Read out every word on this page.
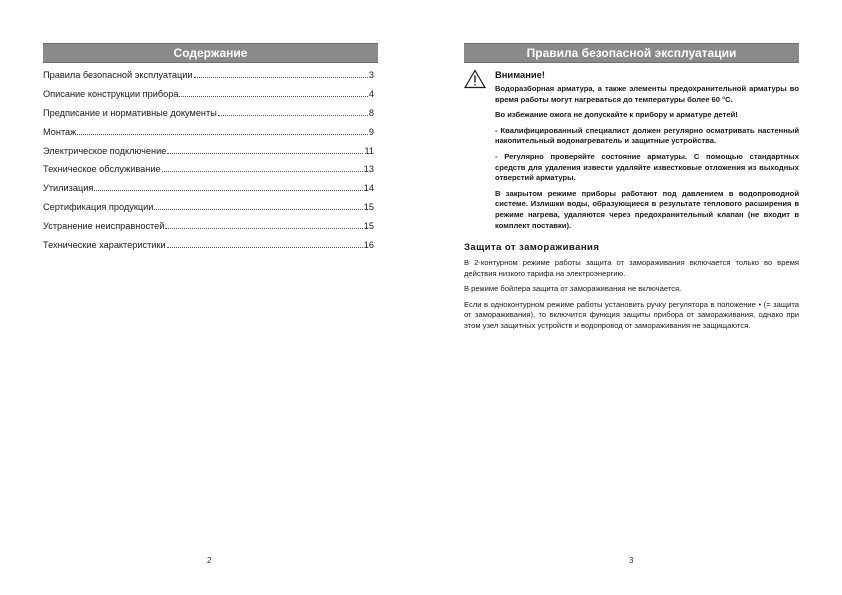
Содержание
Правила безопасной эксплуатации	3
Описание конструкции прибора	4
Предписание и нормативные документы	8
Монтаж	9
Электрическое подключение	11
Техническое обслуживание	13
Утилизация	14
Сертификация продукции	15
Устранение неисправностей	15
Технические характеристики	16
2
Правила безопасной эксплуатации

Внимание!

Водоразборная арматура, а также элементы предохранительной арматуры во время работы могут нагреваться до температуры более 60 °С.

Во избежание ожога не допускайте к прибору и арматуре детей!

- Квалифицированный специалист должен регулярно осматривать настенный накопительный водонагреватель и защитные устройства.

- Регулярно проверяйте состояние арматуры. С помощью стандартных средств для удаления извести удаляйте известковые отложения из выходных отверстий арматуры.

В закрытом режиме приборы работают под давлением в водопроводной системе. Излишки воды, образующиеся в результате теплового расширения в режиме нагрева, удаляются через предохранительный клапан (не входит в комплект поставки).

Защита от замораживания

В 2-контурном режиме работы защита от замораживания включается только во время действия низкого тарифа на электроэнергию.

В режиме бойлера защита от замораживания не включается.

Если в одноконтурном режиме работы установить ручку регулятора в положение • (= защита от замораживания), то включится функция защиты прибора от замораживания, однако при этом узел защитных устройств и водопровод от замораживания не защищаются.

3
